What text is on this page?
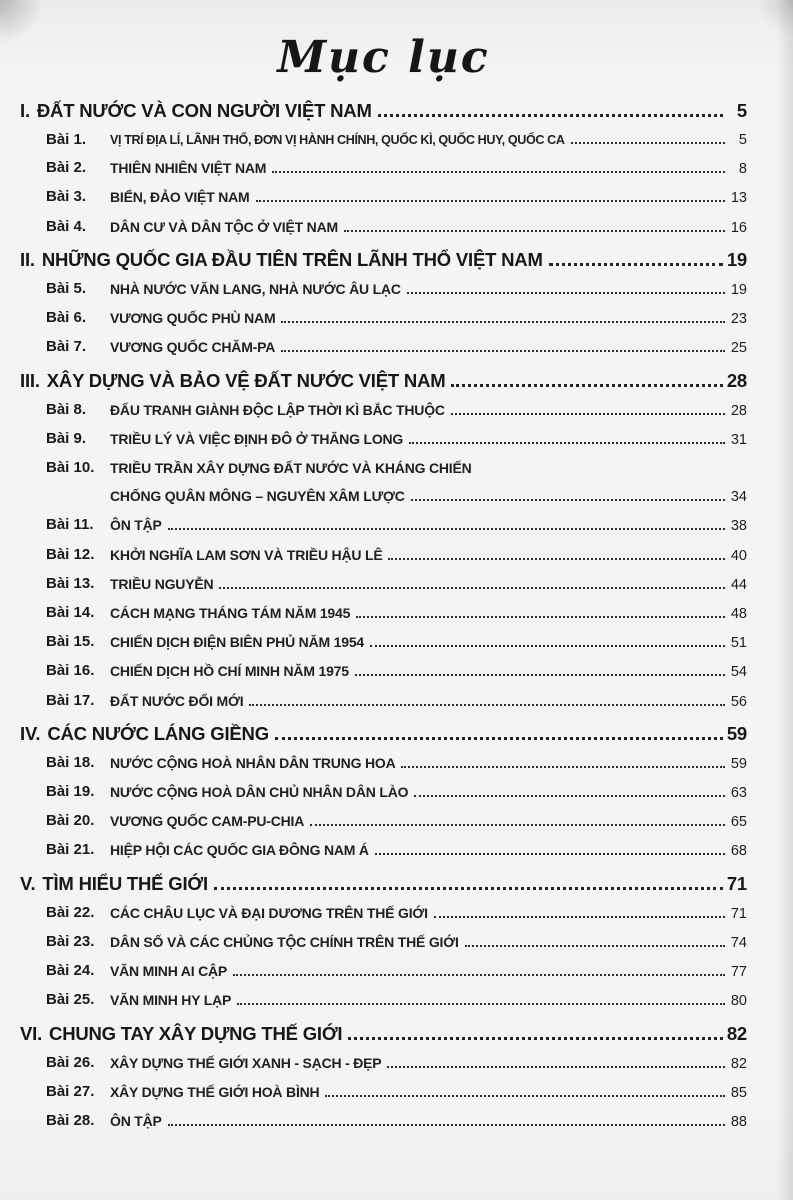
Mục lục
I. ĐẤT NƯỚC VÀ CON NGƯỜI VIỆT NAM	5
Bài 1.	VỊ TRÍ ĐỊA LÍ, LÃNH THỔ, ĐƠN VỊ HÀNH CHÍNH, QUỐC KÌ, QUỐC HUY, QUỐC CA	5
Bài 2.	THIÊN NHIÊN VIỆT NAM	8
Bài 3.	BIỂN, ĐẢO VIỆT NAM	13
Bài 4.	DÂN CƯ VÀ DÂN TỘC Ở VIỆT NAM	16
II. NHỮNG QUỐC GIA ĐẦU TIÊN TRÊN LÃNH THỔ VIỆT NAM	19
Bài 5.	NHÀ NƯỚC VĂN LANG, NHÀ NƯỚC ÂU LẠC	19
Bài 6.	VƯƠNG QUỐC PHÙ NAM	23
Bài 7.	VƯƠNG QUỐC CHĂM-PA	25
III. XÂY DỰNG VÀ BẢO VỆ ĐẤT NƯỚC VIỆT NAM	28
Bài 8.	ĐẤU TRANH GIÀNH ĐỘC LẬP THỜI KÌ BẮC THUỘC	28
Bài 9.	TRIỀU LÝ VÀ VIỆC ĐỊNH ĐÔ Ở THĂNG LONG	31
Bài 10.	TRIỀU TRẦN XÂY DỰNG ĐẤT NƯỚC VÀ KHÁNG CHIẾN
CHỐNG QUÂN MÔNG – NGUYÊN XÂM LƯỢC	34
Bài 11.	ÔN TẬP	38
Bài 12.	KHỞI NGHĨA LAM SƠN VÀ TRIỀU HẬU LÊ	40
Bài 13.	TRIỀU NGUYỄN	44
Bài 14.	CÁCH MẠNG THÁNG TÁM NĂM 1945	48
Bài 15.	CHIẾN DỊCH ĐIỆN BIÊN PHỦ NĂM 1954	51
Bài 16.	CHIẾN DỊCH HỒ CHÍ MINH NĂM 1975	54
Bài 17.	ĐẤT NƯỚC ĐỔI MỚI	56
IV. CÁC NƯỚC LÁNG GIỀNG	59
Bài 18.	NƯỚC CỘNG HOÀ NHÂN DÂN TRUNG HOA	59
Bài 19.	NƯỚC CỘNG HOÀ DÂN CHỦ NHÂN DÂN LÀO	63
Bài 20.	VƯƠNG QUỐC CAM-PU-CHIA	65
Bài 21.	HIỆP HỘI CÁC QUỐC GIA ĐÔNG NAM Á	68
V. TÌM HIỂU THẾ GIỚI	71
Bài 22.	CÁC CHÂU LỤC VÀ ĐẠI DƯƠNG TRÊN THẾ GIỚI	71
Bài 23.	DÂN SỐ VÀ CÁC CHỦNG TỘC CHÍNH TRÊN THẾ GIỚI	74
Bài 24.	VĂN MINH AI CẬP	77
Bài 25.	VĂN MINH HY LẠP	80
VI. CHUNG TAY XÂY DỰNG THẾ GIỚI	82
Bài 26.	XÂY DỰNG THẾ GIỚI XANH - SẠCH - ĐẸP	82
Bài 27.	XÂY DỰNG THẾ GIỚI HOÀ BÌNH	85
Bài 28.	ÔN TẬP	88
